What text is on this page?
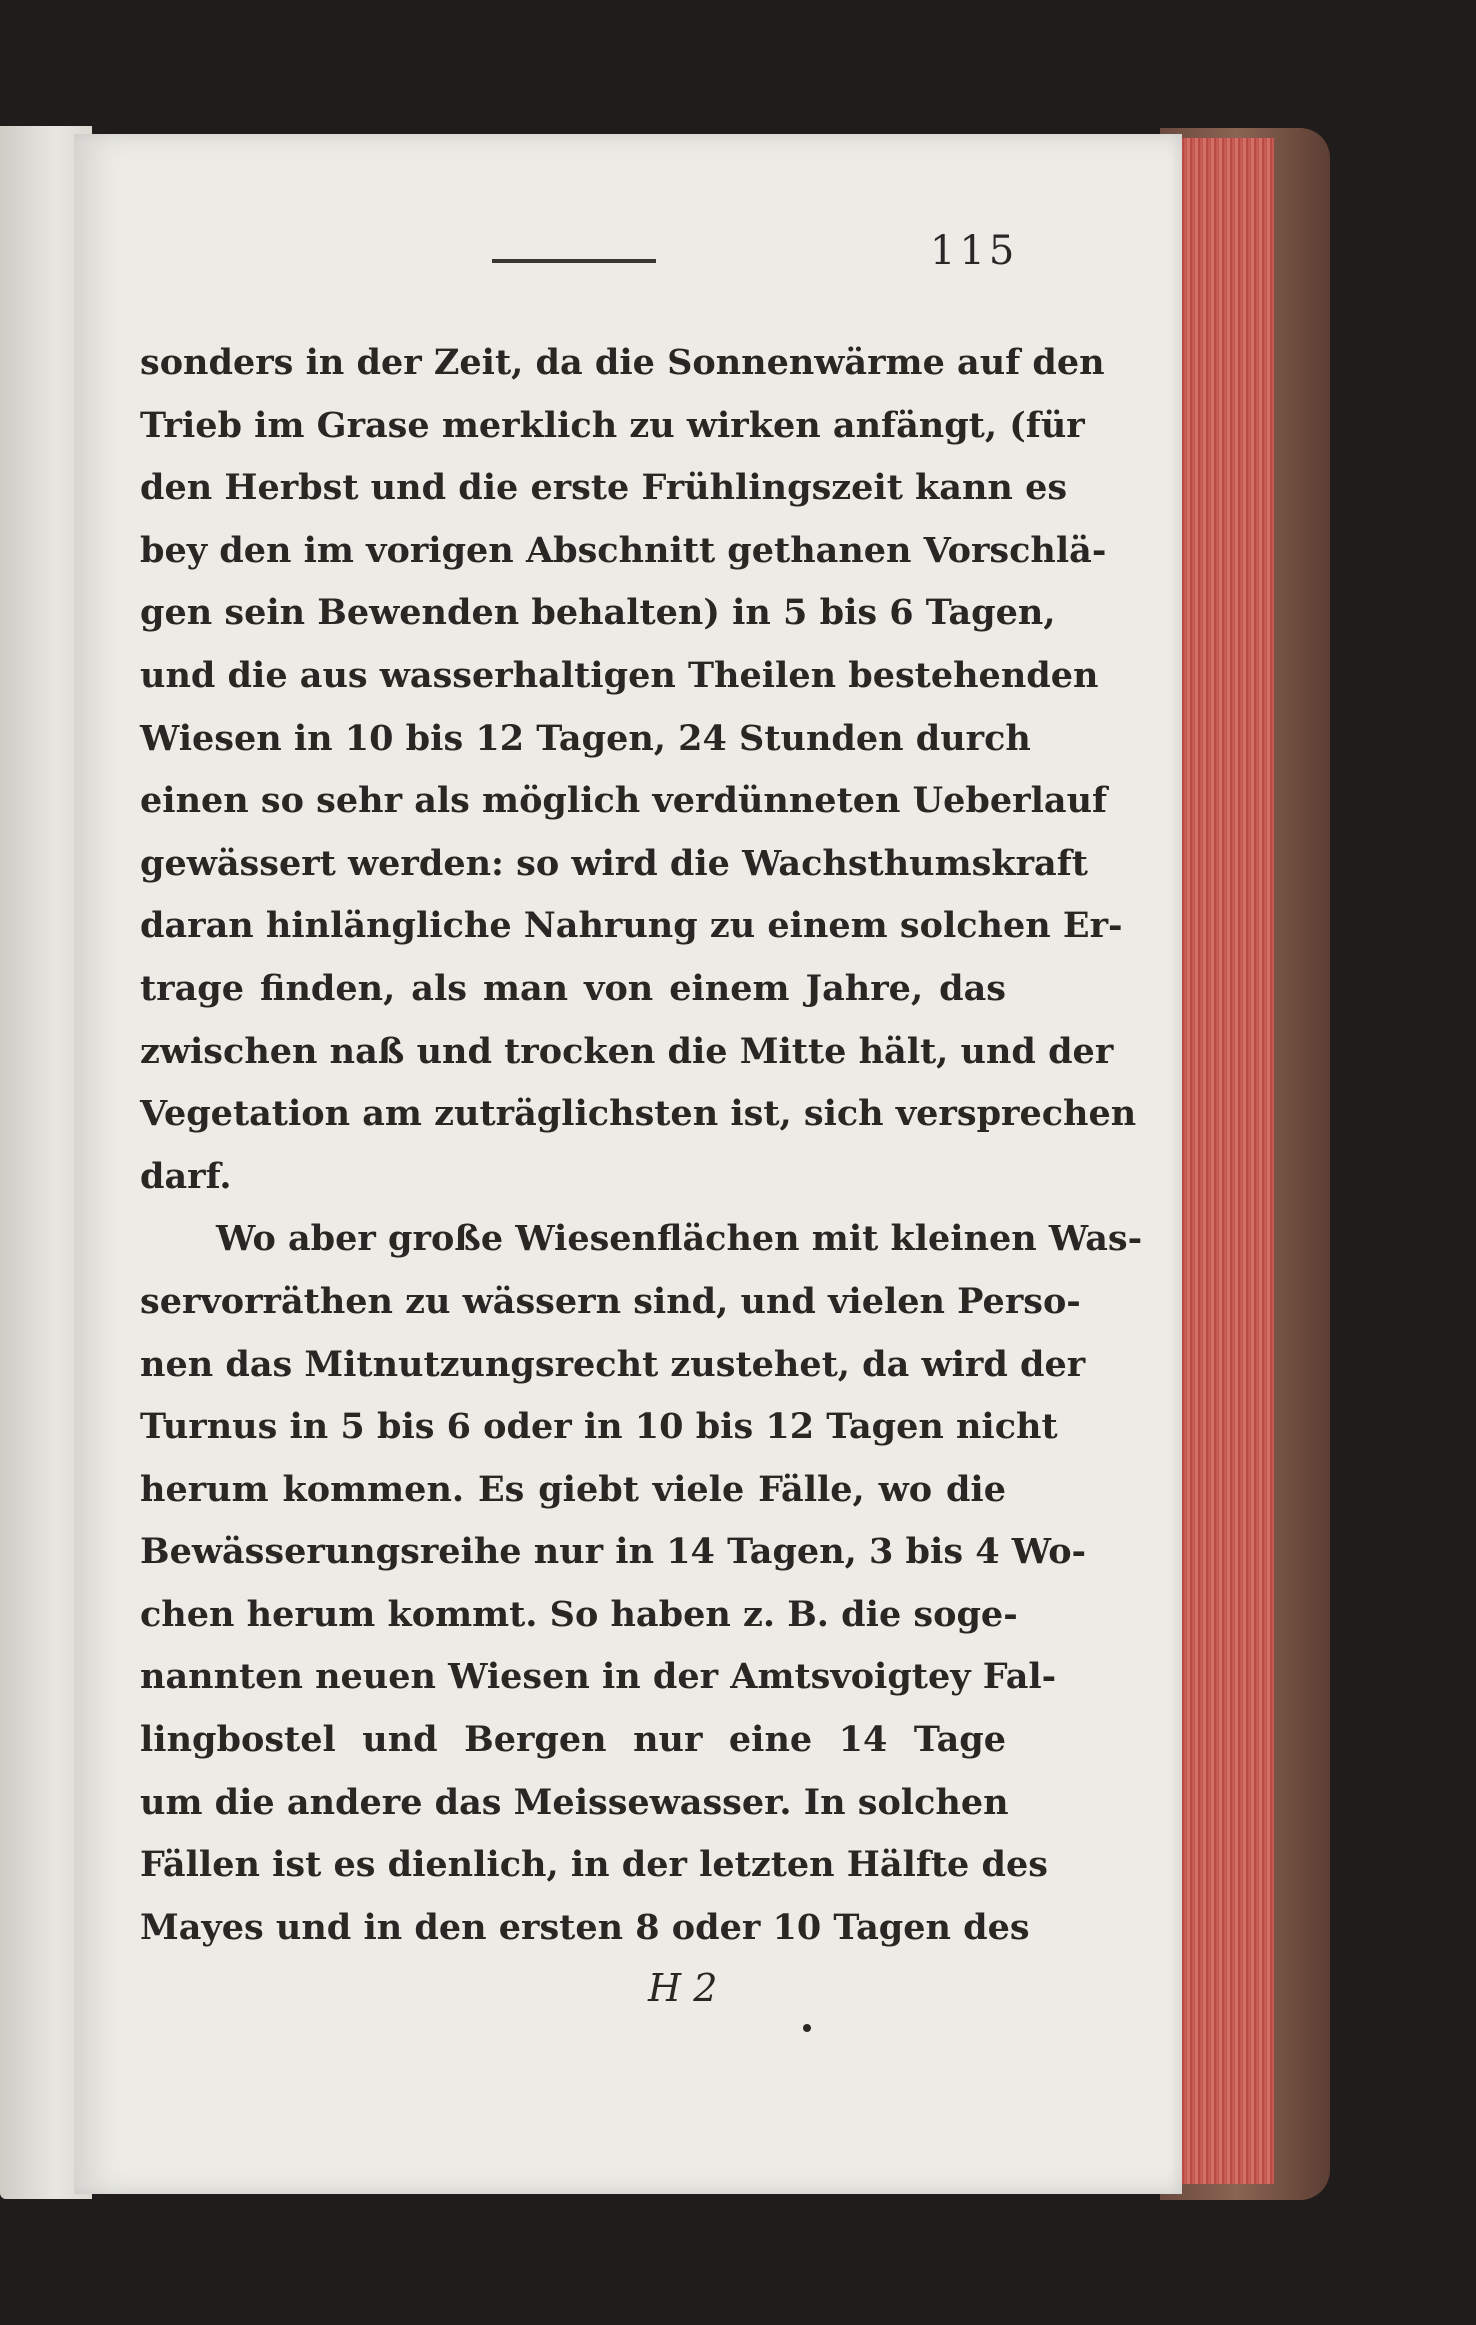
115
sonders in der Zeit, da die Sonnenwärme auf den
Trieb im Grase merklich zu wirken anfängt, (für
den Herbst und die erste Frühlingszeit kann es
bey den im vorigen Abschnitt gethanen Vorschlä-
gen sein Bewenden behalten) in 5 bis 6 Tagen,
und die aus wasserhaltigen Theilen bestehenden
Wiesen in 10 bis 12 Tagen, 24 Stunden durch
einen so sehr als möglich verdünneten Ueberlauf
gewässert werden: so wird die Wachsthumskraft
daran hinlängliche Nahrung zu einem solchen Er-
trage finden, als man von einem Jahre, das
zwischen naß und trocken die Mitte hält, und der
Vegetation am zuträglichsten ist, sich versprechen
darf.
Wo aber große Wiesenflächen mit kleinen Was-
servorräthen zu wässern sind, und vielen Perso-
nen das Mitnutzungsrecht zustehet, da wird der
Turnus in 5 bis 6 oder in 10 bis 12 Tagen nicht
herum kommen. Es giebt viele Fälle, wo die
Bewässerungsreihe nur in 14 Tagen, 3 bis 4 Wo-
chen herum kommt. So haben z. B. die soge-
nannten neuen Wiesen in der Amtsvoigtey Fal-
lingbostel und Bergen nur eine 14 Tage
um die andere das Meissewasser. In solchen
Fällen ist es dienlich, in der letzten Hälfte des
Mayes und in den ersten 8 oder 10 Tagen des
H 2
